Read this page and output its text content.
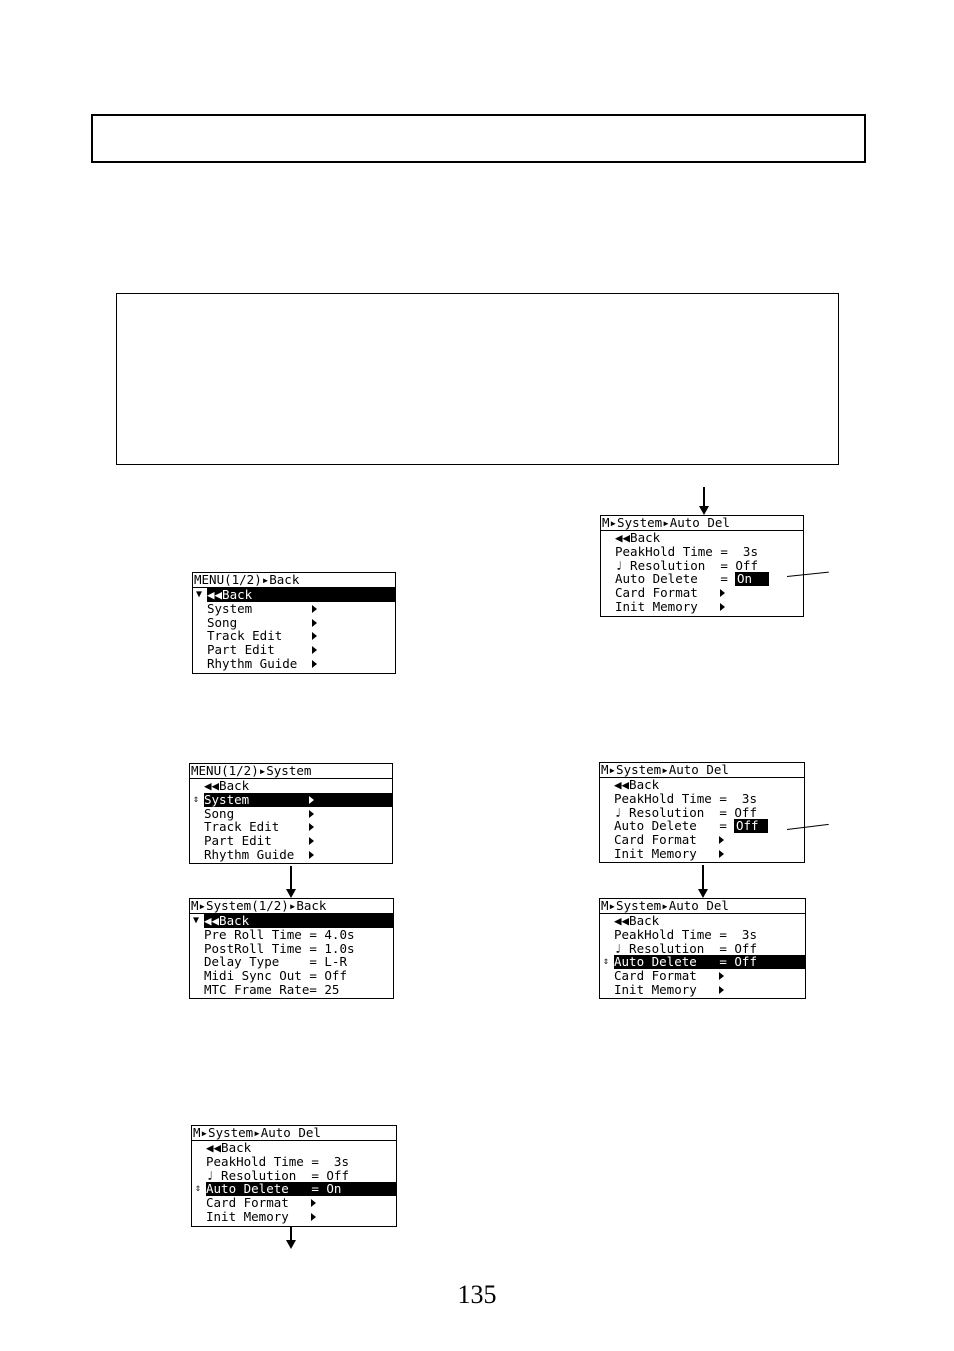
MENU(1/2)▸Back
▼ ◀◀Back
System
Song
Track Edit
Part Edit
Rhythm Guide
MENU(1/2)▸System
◀◀Back
⇕ System
Song
Track Edit
Part Edit
Rhythm Guide
M▸System(1/2)▸Back
▼ ◀◀Back
Pre Roll Time = 4.0s
PostRoll Time = 1.0s
Delay Type    = L-R
Midi Sync Out = Off
MTC Frame Rate= 25
M▸System▸Auto Del
◀◀Back
PeakHold Time =  3s
♩ Resolution  = Off
⇕ Auto Delete   = On
Card Format
Init Memory
M▸System▸Auto Del
◀◀Back
PeakHold Time =  3s
♩ Resolution  = Off
Auto Delete   = On
Card Format
Init Memory
M▸System▸Auto Del
◀◀Back
PeakHold Time =  3s
♩ Resolution  = Off
Auto Delete   = Off
Card Format
Init Memory
M▸System▸Auto Del
◀◀Back
PeakHold Time =  3s
♩ Resolution  = Off
⇕ Auto Delete   = Off
Card Format
Init Memory
135
